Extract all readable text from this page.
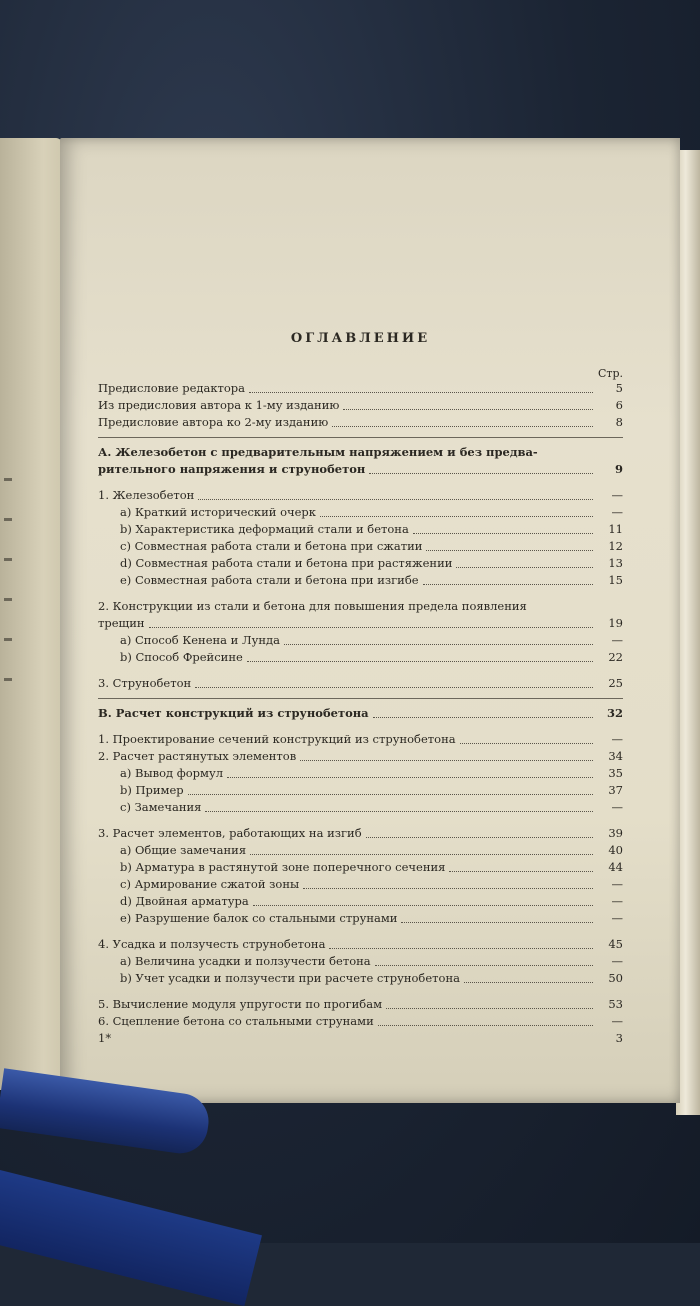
ОГЛАВЛЕНИЕ
Стр.
Предисловие редактора	5
Из предисловия автора к 1-му изданию	6
Предисловие автора ко 2-му изданию	8
А. Железобетон с предварительным напряжением и без предва-
рительного напряжения и струнобетон	9
1. Железобетон	—
а) Краткий исторический очерк	—
b) Характеристика деформаций стали и бетона	11
c) Совместная работа стали и бетона при сжатии	12
d) Совместная работа стали и бетона при растяжении	13
e) Совместная работа стали и бетона при изгибе	15
2. Конструкции из стали и бетона для повышения предела появления
трещин	19
а) Способ Кенена и Лунда	—
b) Способ Фрейсине	22
3. Струнобетон	25
В. Расчет конструкций из струнобетона	32
1. Проектирование сечений конструкций из струнобетона	—
2. Расчет растянутых элементов	34
а) Вывод формул	35
b) Пример	37
c) Замечания	—
3. Расчет элементов, работающих на изгиб	39
а) Общие замечания	40
b) Арматура в растянутой зоне поперечного сечения	44
c) Армирование сжатой зоны	—
d) Двойная арматура	—
e) Разрушение балок со стальными струнами	—
4. Усадка и ползучесть струнобетона	45
а) Величина усадки и ползучести бетона	—
b) Учет усадки и ползучести при расчете струнобетона	50
5. Вычисление модуля упругости по прогибам	53
6. Сцепление бетона со стальными струнами	—
1*	3
